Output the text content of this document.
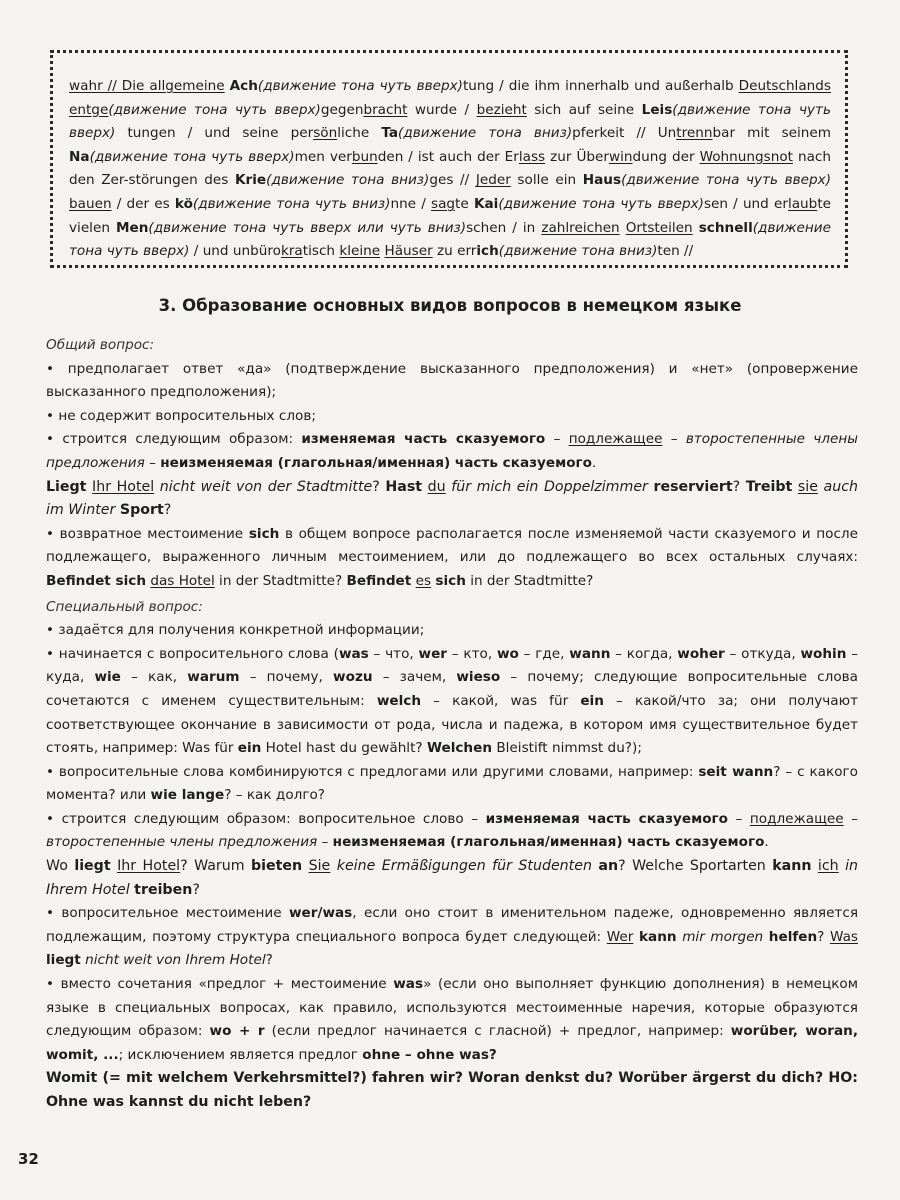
wahr // Die allgemeine Ach(движение тона чуть вверх)tung / die ihm innerhalb und außerhalb Deutschlands entge(движение тона чуть вверх)gegenbracht wurde / bezieht sich auf seine Leis(движение тона чуть вверх) tungen / und seine persönliche Ta(движение тона вниз)pferkeit // Untrennbar mit seinem Na(движение тона чуть вверх)men verbunden / ist auch der Erlass zur Überwindung der Wohnungsnot nach den Zer-störungen des Krie(движение тона вниз)ges // Jeder solle ein Haus(движение тона чуть вверх) bauen / der es kö(движение тона чуть вниз)nne / sagte Kai(движение тона чуть вверх)sen / und erlaubte vielen Men(движение тона чуть вверх или чуть вниз)schen / in zahlreichen Ortsteilen schnell(движение тона чуть вверх) / und unbürokratisch kleine Häuser zu errich(движение тона вниз)ten //

3. Образование основных видов вопросов в немецком языке

Общий вопрос:

• предполагает ответ «да» (подтверждение высказанного предположения) и «нет» (опровержение высказанного предположения);

• не содержит вопросительных слов;

• строится следующим образом: изменяемая часть сказуемого – подлежащее – второстепенные члены предложения – неизменяемая (глагольная/именная) часть сказуемого.

Liegt Ihr Hotel nicht weit von der Stadtmitte? Hast du für mich ein Doppelzimmer reserviert? Treibt sie auch im Winter Sport?

• возвратное местоимение sich в общем вопросе располагается после изменяемой части сказуемого и после подлежащего, выраженного личным местоимением, или до подлежащего во всех остальных случаях: Befindet sich das Hotel in der Stadtmitte? Befindet es sich in der Stadtmitte?

Специальный вопрос:

• задаётся для получения конкретной информации;

• начинается с вопросительного слова (was – что, wer – кто, wo – где, wann – когда, woher – откуда, wohin – куда, wie – как, warum – почему, wozu – зачем, wieso – почему; следующие вопросительные слова сочетаются с именем существительным: welch – какой, was für ein – какой/что за; они получают соответствующее окончание в зависимости от рода, числа и падежа, в котором имя существительное будет стоять, например: Was für ein Hotel hast du gewählt? Welchen Bleistift nimmst du?);

• вопросительные слова комбинируются с предлогами или другими словами, например: seit wann? – с какого момента? или wie lange? – как долго?

• строится следующим образом: вопросительное слово – изменяемая часть сказуемого – подлежащее – второстепенные члены предложения – неизменяемая (глагольная/именная) часть сказуемого.

Wo liegt Ihr Hotel? Warum bieten Sie keine Ermäßigungen für Studenten an? Welche Sportarten kann ich in Ihrem Hotel treiben?

• вопросительное местоимение wer/was, если оно стоит в именительном падеже, одновременно является подлежащим, поэтому структура специального вопроса будет следующей: Wer kann mir morgen helfen? Was liegt nicht weit von Ihrem Hotel?

• вместо сочетания «предлог + местоимение was» (если оно выполняет функцию дополнения) в немецком языке в специальных вопросах, как правило, используются местоименные наречия, которые образуются следующим образом: wo + r (если предлог начинается с гласной) + предлог, например: worüber, woran, womit, ...; исключением является предлог ohne – ohne was?

Womit (= mit welchem Verkehrsmittel?) fahren wir? Woran denkst du? Worüber ärgerst du dich? НО: Ohne was kannst du nicht leben?

32
